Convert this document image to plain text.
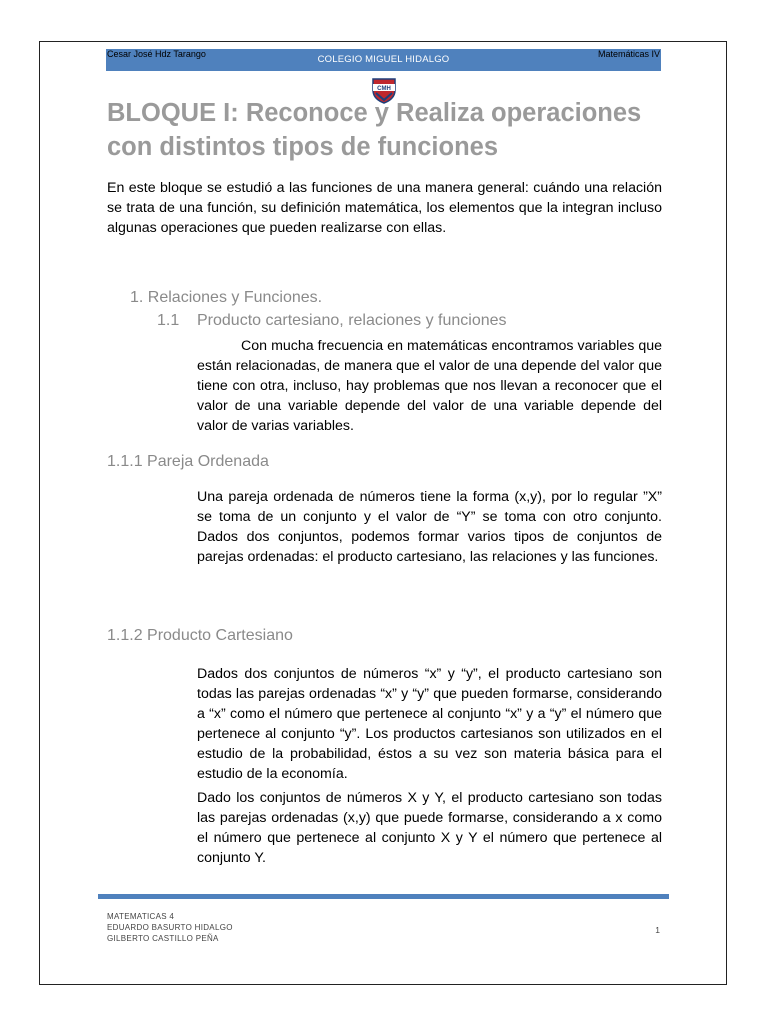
Cesar José Hdz Tarango	COLEGIO MIGUEL HIDALGO	Matemáticas IV
CMH
BLOQUE I: Reconoce y Realiza operaciones con distintos tipos de funciones

En este bloque se estudió a las funciones de una manera general: cuándo una relación se trata de una función, su definición matemática, los elementos que la integran incluso algunas operaciones que pueden realizarse con ellas.

1. Relaciones y Funciones.
1.1 Producto cartesiano, relaciones y funciones

Con mucha frecuencia en matemáticas encontramos variables que están relacionadas, de manera que el valor de una depende del valor que tiene con otra, incluso, hay problemas que nos llevan a reconocer que el valor de una variable depende del valor de una variable depende del valor de varias variables.

1.1.1 Pareja Ordenada

Una pareja ordenada de números tiene la forma (x,y), por lo regular ”X” se toma de un conjunto y el valor de “Y” se toma con otro conjunto. Dados dos conjuntos, podemos formar varios tipos de conjuntos de parejas ordenadas: el producto cartesiano, las relaciones y las funciones.

1.1.2 Producto Cartesiano

Dados dos conjuntos de números “x” y “y”, el producto cartesiano son todas las parejas ordenadas “x” y “y” que pueden formarse, considerando a “x” como el número que pertenece al conjunto “x” y a “y” el número que pertenece al conjunto “y”. Los productos cartesianos son utilizados en el estudio de la probabilidad, éstos a su vez son materia básica para el estudio de la economía.

Dado los conjuntos de números X y Y, el producto cartesiano son todas las parejas ordenadas (x,y) que puede formarse, considerando a x como el número que pertenece al conjunto X y Y el número que pertenece al conjunto Y.

MATEMATICAS 4
EDUARDO BASURTO HIDALGO
GILBERTO CASTILLO PEÑA
1
